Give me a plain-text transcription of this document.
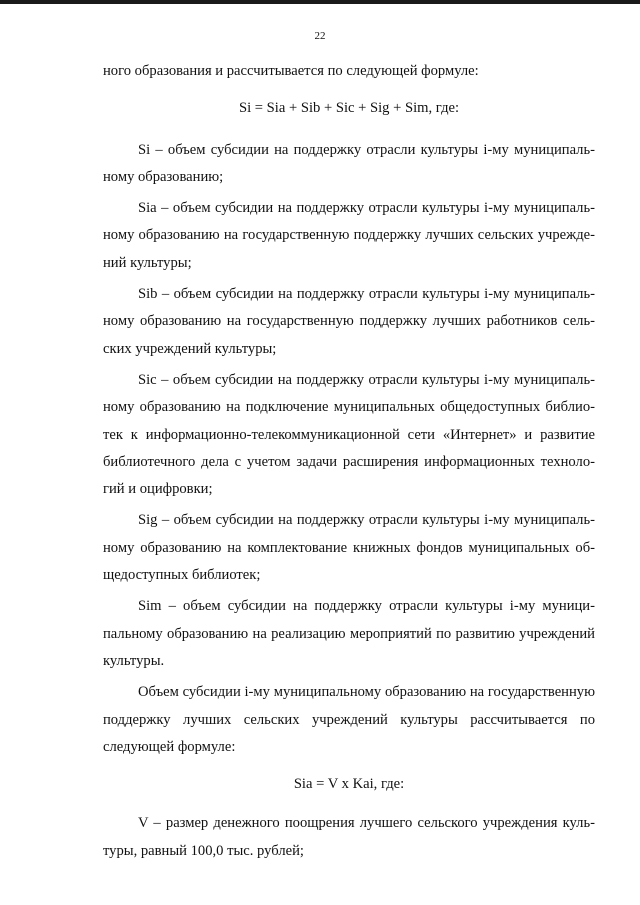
22

ного образования и рассчитывается по следующей формуле:

Si = Sia + Sib + Sic + Sig + Sim, где:

Si – объем субсидии на поддержку отрасли культуры i-му муниципальному образованию;

Sia – объем субсидии на поддержку отрасли культуры i-му муниципальному образованию на государственную поддержку лучших сельских учреждений культуры;

Sib – объем субсидии на поддержку отрасли культуры i-му муниципальному образованию на государственную поддержку лучших работников сельских учреждений культуры;

Sic – объем субсидии на поддержку отрасли культуры i-му муниципальному образованию на подключение муниципальных общедоступных библиотек к информационно-телекоммуникационной сети «Интернет» и развитие библиотечного дела с учетом задачи расширения информационных технологий и оцифровки;

Sig – объем субсидии на поддержку отрасли культуры i-му муниципальному образованию на комплектование книжных фондов муниципальных общедоступных библиотек;

Sim – объем субсидии на поддержку отрасли культуры i-му муниципальному образованию на реализацию мероприятий по развитию учреждений культуры.

Объем субсидии i-му муниципальному образованию на государственную поддержку лучших сельских учреждений культуры рассчитывается по следующей формуле:

Sia = V x Kai, где:

V – размер денежного поощрения лучшего сельского учреждения культуры, равный 100,0 тыс. рублей;
